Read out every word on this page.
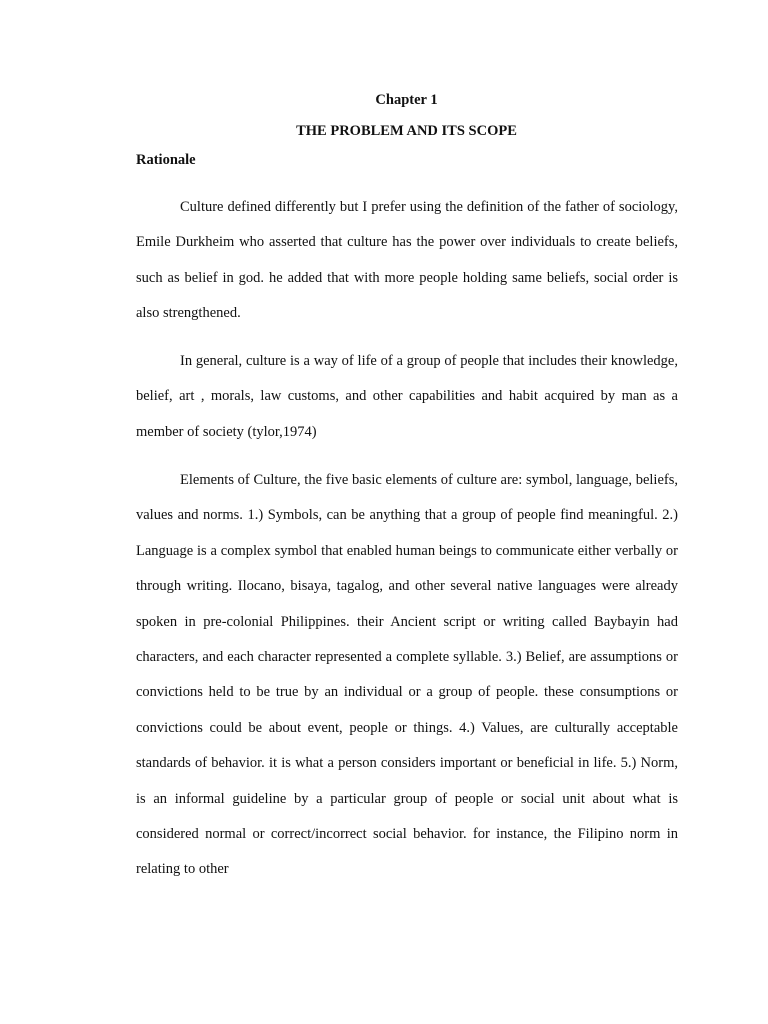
Chapter 1
THE PROBLEM AND ITS SCOPE
Rationale

Culture defined differently but I prefer using the definition of the father of sociology, Emile Durkheim who asserted that culture has the power over individuals to create beliefs, such as belief in god. he added that with more people holding same beliefs, social order is also strengthened.

In general, culture is a way of life of a group of people that includes their knowledge, belief, art , morals, law customs, and other capabilities and habit acquired by man as a member of society (tylor,1974)

Elements of Culture, the five basic elements of culture are: symbol, language, beliefs, values and norms. 1.) Symbols, can be anything that a group of people find meaningful. 2.) Language is a complex symbol that enabled human beings to communicate either verbally or through writing. Ilocano, bisaya, tagalog, and other several native languages were already spoken in pre-colonial Philippines. their Ancient script or writing called Baybayin had characters, and each character represented a complete syllable. 3.) Belief, are assumptions or convictions held to be true by an individual or a group of people. these consumptions or convictions could be about event, people or things. 4.) Values, are culturally acceptable standards of behavior. it is what a person considers important or beneficial in life. 5.) Norm, is an informal guideline by a particular group of people or social unit about what is considered normal or correct/incorrect social behavior. for instance, the Filipino norm in relating to other
